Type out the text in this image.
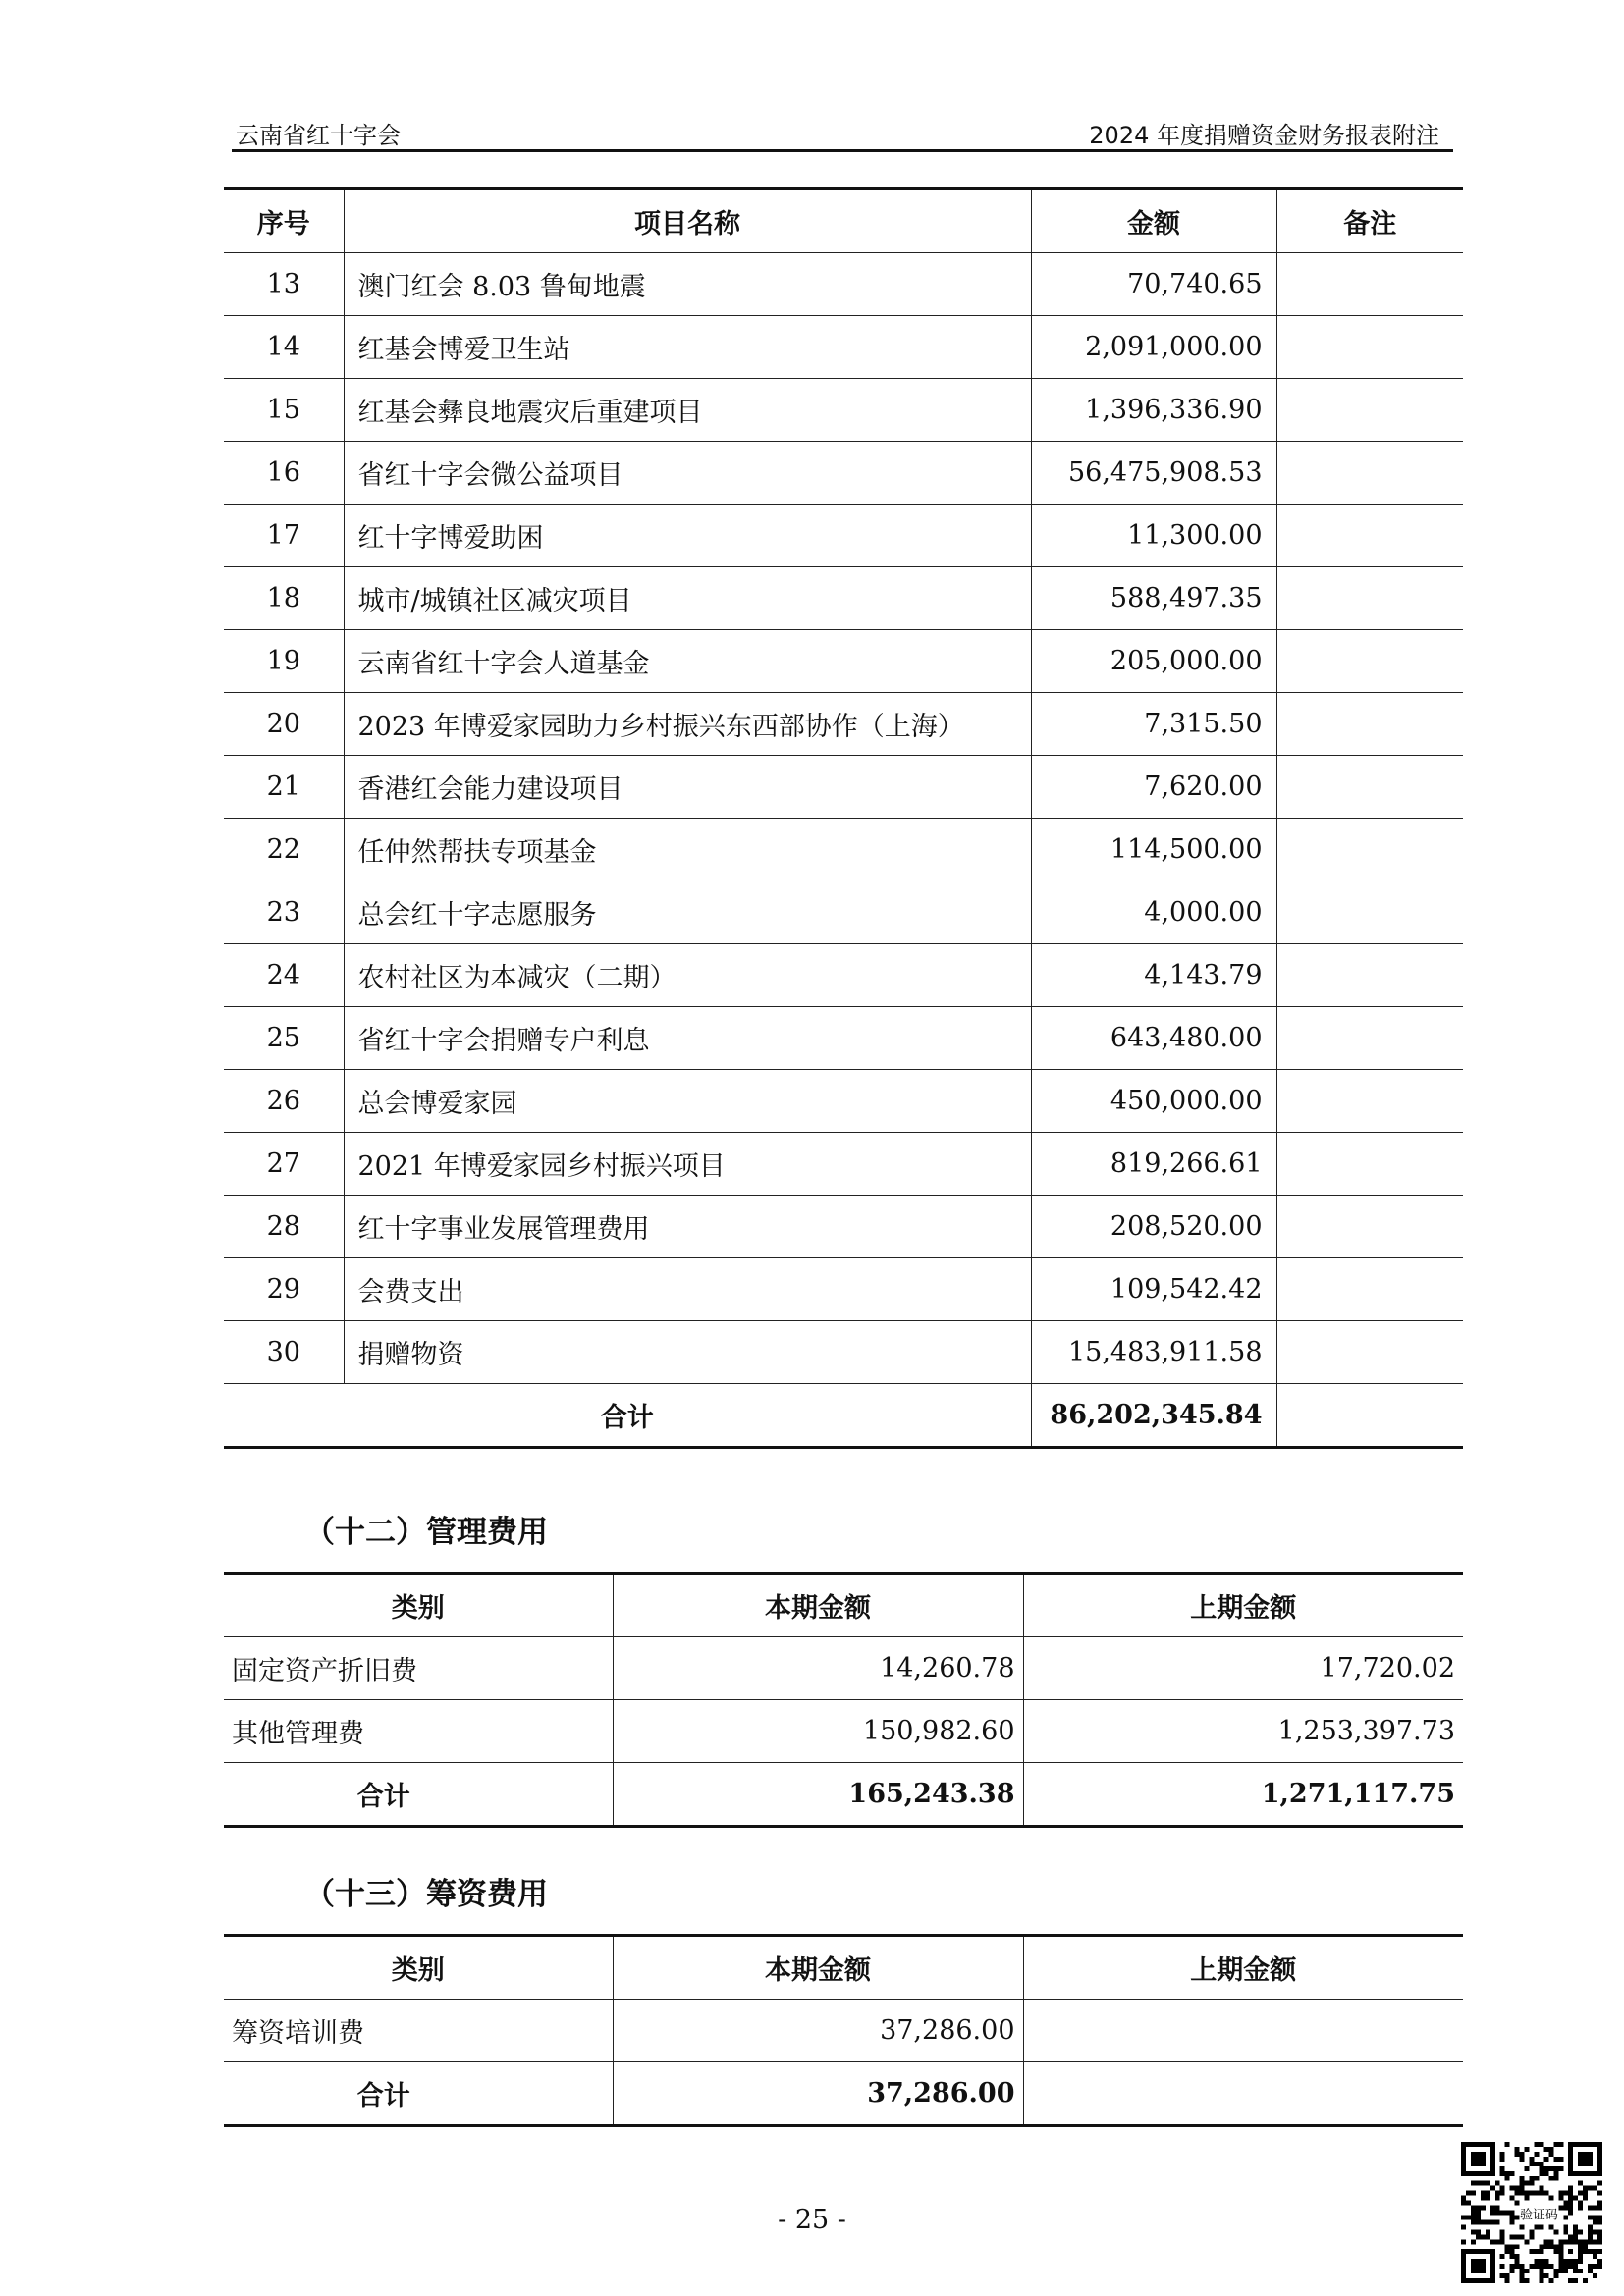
云南省红十字会	2024 年度捐赠资金财务报表附注
序号	项目名称	金额	备注
13	澳门红会 8.03 鲁甸地震	70,740.65	
14	红基会博爱卫生站	2,091,000.00	
15	红基会彝良地震灾后重建项目	1,396,336.90	
16	省红十字会微公益项目	56,475,908.53	
17	红十字博爱助困	11,300.00	
18	城市/城镇社区减灾项目	588,497.35	
19	云南省红十字会人道基金	205,000.00	
20	2023 年博爱家园助力乡村振兴东西部协作（上海）	7,315.50	
21	香港红会能力建设项目	7,620.00	
22	任仲然帮扶专项基金	114,500.00	
23	总会红十字志愿服务	4,000.00	
24	农村社区为本减灾（二期）	4,143.79	
25	省红十字会捐赠专户利息	643,480.00	
26	总会博爱家园	450,000.00	
27	2021 年博爱家园乡村振兴项目	819,266.61	
28	红十字事业发展管理费用	208,520.00	
29	会费支出	109,542.42	
30	捐赠物资	15,483,911.58	
合计		86,202,345.84	
（十二）管理费用
类别	本期金额	上期金额
固定资产折旧费	14,260.78	17,720.02
其他管理费	150,982.60	1,253,397.73
合计	165,243.38	1,271,117.75
（十三）筹资费用
类别	本期金额	上期金额
筹资培训费	37,286.00	
合计	37,286.00	
- 25 -	验证码
